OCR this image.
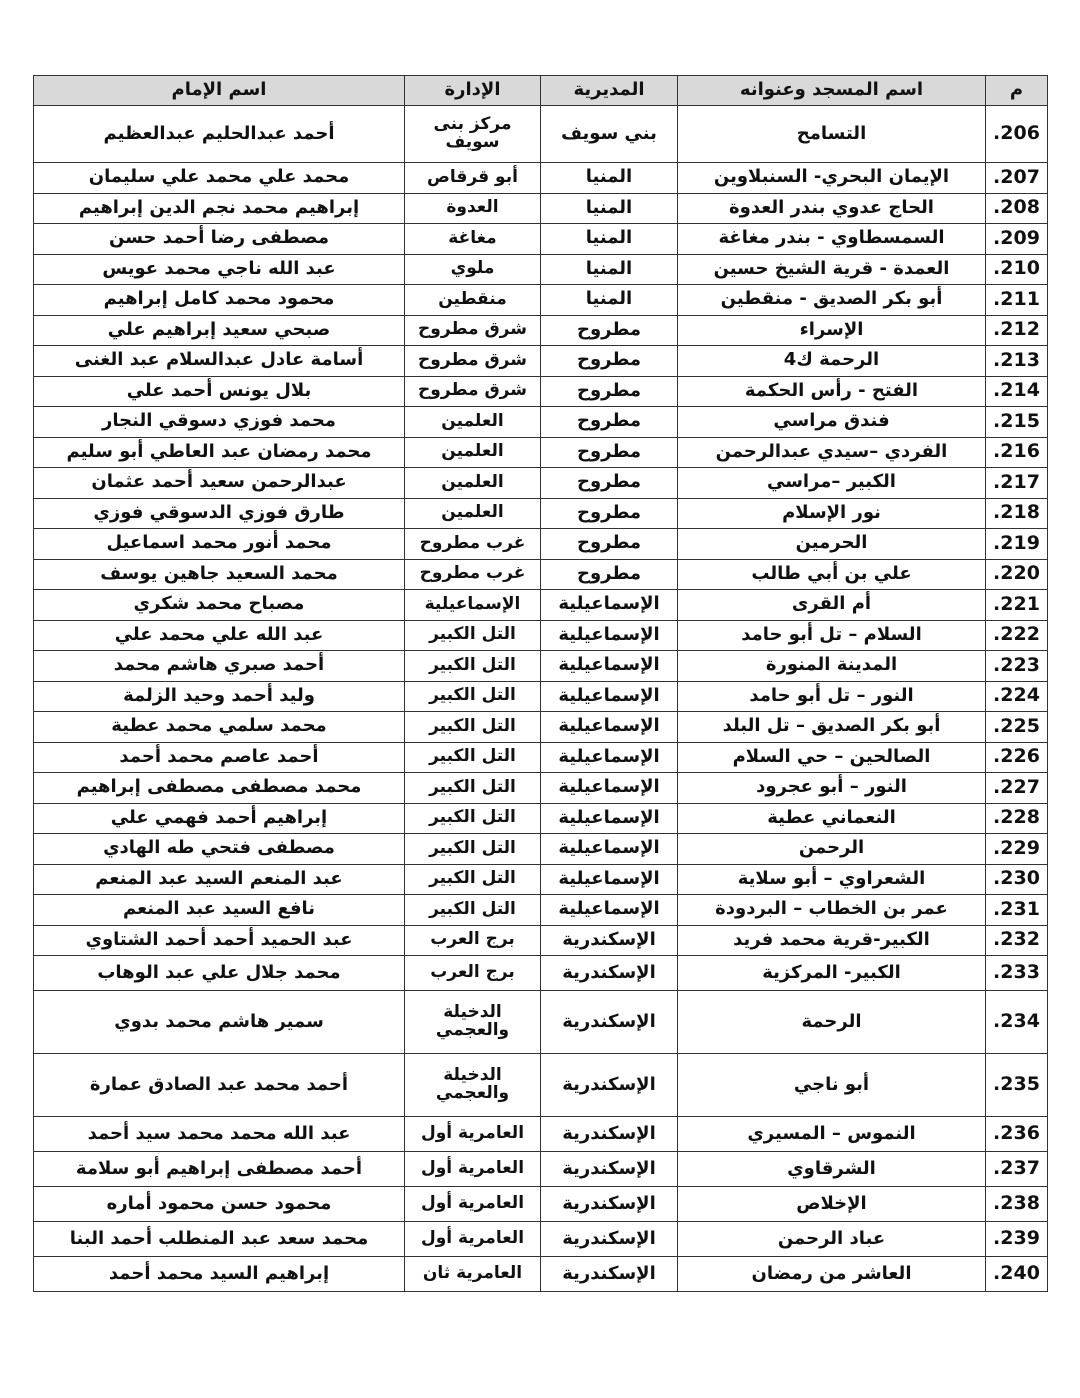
م	اسم المسجد وعنوانه	المديرية	الإدارة	اسم الإمام
.206	التسامح	بني سويف	مركز بنى سويف	أحمد عبدالحليم عبدالعظيم
.207	الإيمان البحري- السنبلاوين	المنيا	أبو قرقاص	محمد علي محمد علي سليمان
.208	الحاج عدوي بندر العدوة	المنيا	العدوة	إبراهيم محمد نجم الدين إبراهيم
.209	السمسطاوي - بندر مغاغة	المنيا	مغاغة	مصطفى رضا أحمد حسن
.210	العمدة - قرية الشيخ حسين	المنيا	ملوي	عبد الله ناجي محمد عويس
.211	أبو بكر الصديق - منقطين	المنيا	منقطين	محمود محمد كامل إبراهيم
.212	الإسراء	مطروح	شرق مطروح	صبحي سعيد إبراهيم علي
.213	الرحمة ك4	مطروح	شرق مطروح	أسامة عادل عبدالسلام عبد الغنى
.214	الفتح - رأس الحكمة	مطروح	شرق مطروح	بلال يونس أحمد علي
.215	فندق مراسي	مطروح	العلمين	محمد فوزي دسوقي النجار
.216	الفردي –سيدي عبدالرحمن	مطروح	العلمين	محمد رمضان عبد العاطي أبو سليم
.217	الكبير –مراسي	مطروح	العلمين	عبدالرحمن سعيد أحمد عثمان
.218	نور الإسلام	مطروح	العلمين	طارق فوزي الدسوقي فوزي
.219	الحرمين	مطروح	غرب مطروح	محمد أنور محمد اسماعيل
.220	علي بن أبي طالب	مطروح	غرب مطروح	محمد السعيد جاهين يوسف
.221	أم القرى	الإسماعيلية	الإسماعيلية	مصباح محمد شكري
.222	السلام – تل أبو حامد	الإسماعيلية	التل الكبير	عبد الله علي محمد علي
.223	المدينة المنورة	الإسماعيلية	التل الكبير	أحمد صبري هاشم محمد
.224	النور – تل أبو حامد	الإسماعيلية	التل الكبير	وليد أحمد وحيد الزلمة
.225	أبو بكر الصديق – تل البلد	الإسماعيلية	التل الكبير	محمد سلمي محمد عطية
.226	الصالحين – حي السلام	الإسماعيلية	التل الكبير	أحمد عاصم محمد أحمد
.227	النور – أبو عجرود	الإسماعيلية	التل الكبير	محمد مصطفى مصطفى إبراهيم
.228	النعماني عطية	الإسماعيلية	التل الكبير	إبراهيم أحمد فهمي علي
.229	الرحمن	الإسماعيلية	التل الكبير	مصطفى فتحي طه الهادي
.230	الشعراوي – أبو سلاية	الإسماعيلية	التل الكبير	عبد المنعم السيد عبد المنعم
.231	عمر بن الخطاب – البردودة	الإسماعيلية	التل الكبير	نافع السيد عبد المنعم
.232	الكبير-قرية محمد فريد	الإسكندرية	برج العرب	عبد الحميد أحمد أحمد الشتاوي
.233	الكبير- المركزية	الإسكندرية	برج العرب	محمد جلال علي عبد الوهاب
.234	الرحمة	الإسكندرية	الدخيلة والعجمي	سمير هاشم محمد بدوي
.235	أبو ناجي	الإسكندرية	الدخيلة والعجمي	أحمد محمد عبد الصادق عمارة
.236	النموس – المسيري	الإسكندرية	العامرية أول	عبد الله محمد محمد سيد أحمد
.237	الشرقاوي	الإسكندرية	العامرية أول	أحمد مصطفى إبراهيم أبو سلامة
.238	الإخلاص	الإسكندرية	العامرية أول	محمود حسن محمود أماره
.239	عباد الرحمن	الإسكندرية	العامرية أول	محمد سعد عبد المنطلب أحمد البنا
.240	العاشر من رمضان	الإسكندرية	العامرية ثان	إبراهيم السيد محمد أحمد
